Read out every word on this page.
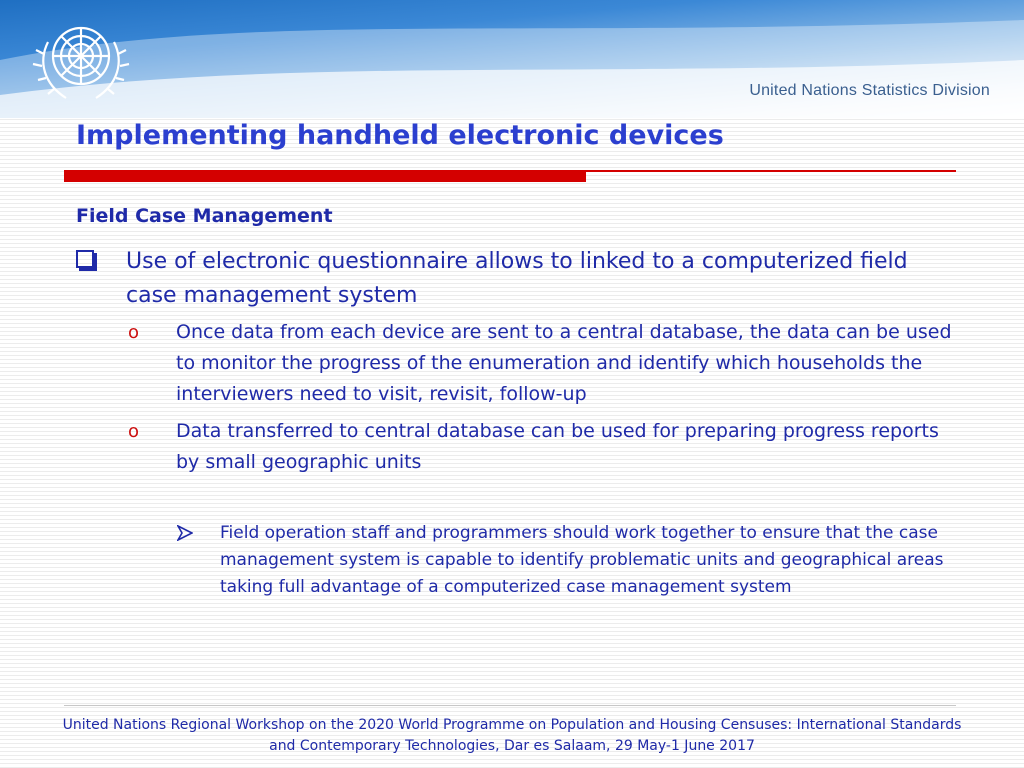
United Nations Statistics Division
Implementing handheld electronic devices
Field Case Management
Use of electronic questionnaire allows to linked to a computerized field case management system
o Once data from each device are sent to a central database, the data can be used to monitor the progress of the enumeration and identify which households the interviewers need to visit, revisit, follow-up
o Data transferred to central database can be used for preparing progress reports by small geographic units
Field operation staff and programmers should work together to ensure that the case management system is capable to identify problematic units and geographical areas taking full advantage of a computerized case management system
United Nations Regional Workshop on the 2020 World Programme on Population and Housing Censuses: International Standards
and Contemporary Technologies, Dar es Salaam, 29 May-1 June 2017
